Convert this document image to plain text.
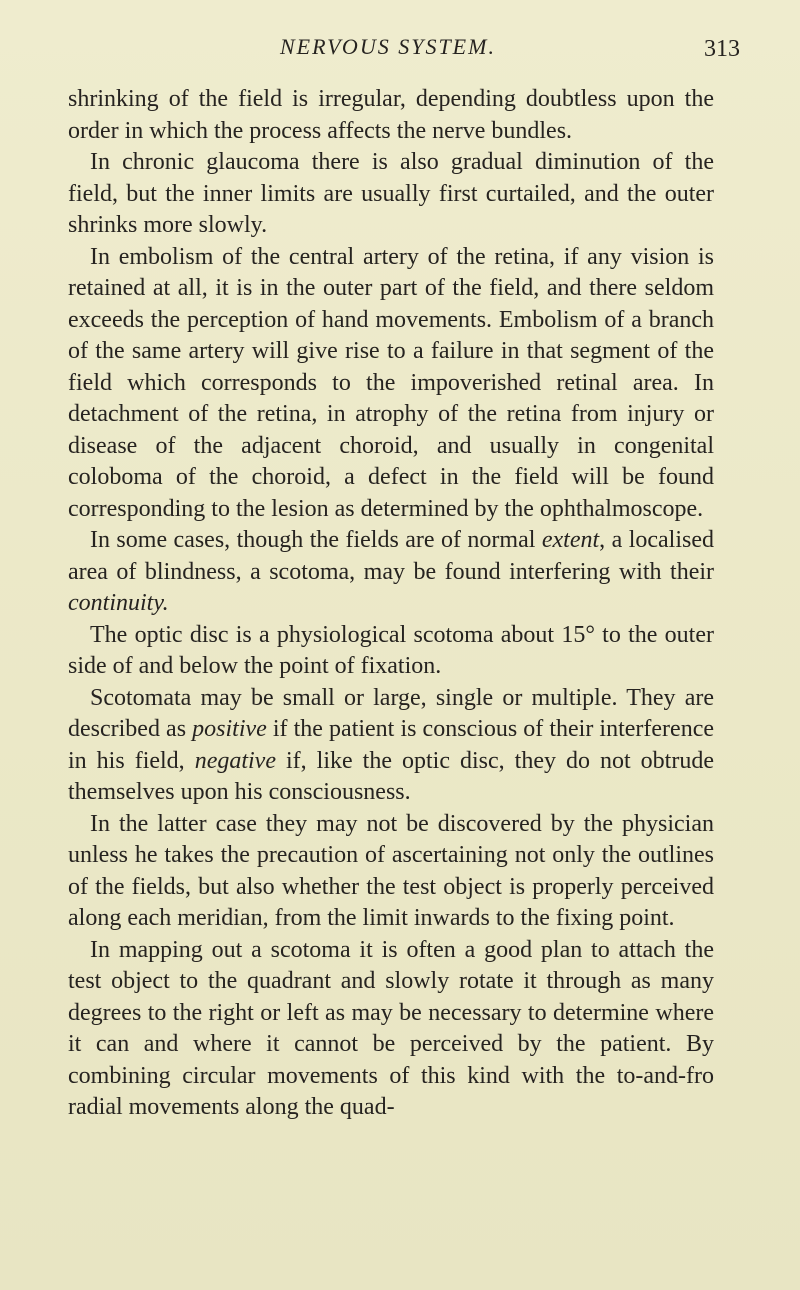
NERVOUS SYSTEM.	313

shrinking of the field is irregular, depending doubtless upon the order in which the process affects the nerve bundles.

In chronic glaucoma there is also gradual diminution of the field, but the inner limits are usually first curtailed, and the outer shrinks more slowly.

In embolism of the central artery of the retina, if any vision is retained at all, it is in the outer part of the field, and there seldom exceeds the perception of hand movements. Embolism of a branch of the same artery will give rise to a failure in that segment of the field which corresponds to the impoverished retinal area. In detachment of the retina, in atrophy of the retina from injury or disease of the adjacent choroid, and usually in congenital coloboma of the choroid, a defect in the field will be found corresponding to the lesion as determined by the ophthalmoscope.

In some cases, though the fields are of normal extent, a localised area of blindness, a scotoma, may be found interfering with their continuity.

The optic disc is a physiological scotoma about 15° to the outer side of and below the point of fixation.

Scotomata may be small or large, single or multiple. They are described as positive if the patient is conscious of their interference in his field, negative if, like the optic disc, they do not obtrude themselves upon his consciousness.

In the latter case they may not be discovered by the physician unless he takes the precaution of ascertaining not only the outlines of the fields, but also whether the test object is properly perceived along each meridian, from the limit inwards to the fixing point.

In mapping out a scotoma it is often a good plan to attach the test object to the quadrant and slowly rotate it through as many degrees to the right or left as may be necessary to determine where it can and where it cannot be perceived by the patient. By combining circular movements of this kind with the to-and-fro radial movements along the quad-
